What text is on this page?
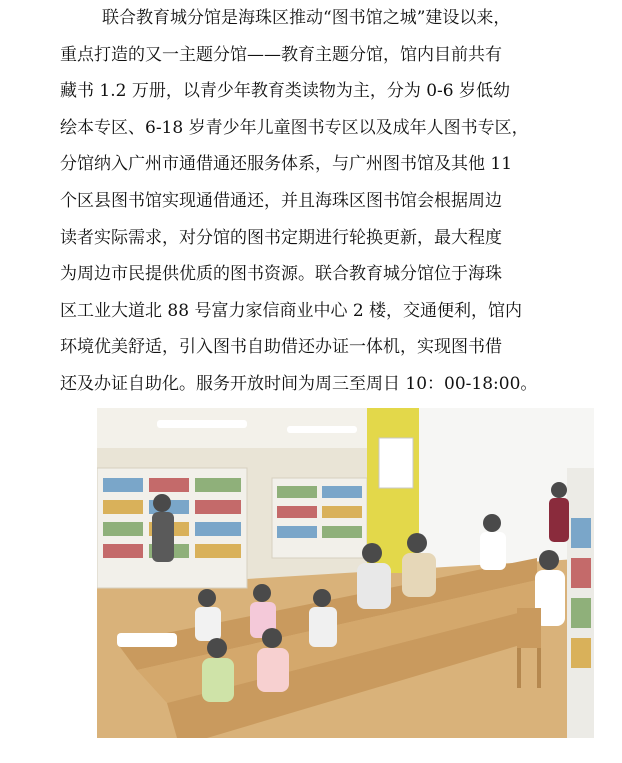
联合教育城分馆是海珠区推动“图书馆之城”建设以来，
重点打造的又一主题分馆——教育主题分馆，馆内目前共有
藏书 1.2 万册，以青少年教育类读物为主，分为 0-6 岁低幼
绘本专区、6-18 岁青少年儿童图书专区以及成年人图书专区，
分馆纳入广州市通借通还服务体系，与广州图书馆及其他 11
个区县图书馆实现通借通还，并且海珠区图书馆会根据周边
读者实际需求，对分馆的图书定期进行轮换更新，最大程度
为周边市民提供优质的图书资源。联合教育城分馆位于海珠
区工业大道北 88 号富力家信商业中心 2 楼，交通便利，馆内
环境优美舒适，引入图书自助借还办证一体机，实现图书借
还及办证自助化。服务开放时间为周三至周日 10：00-18:00。
